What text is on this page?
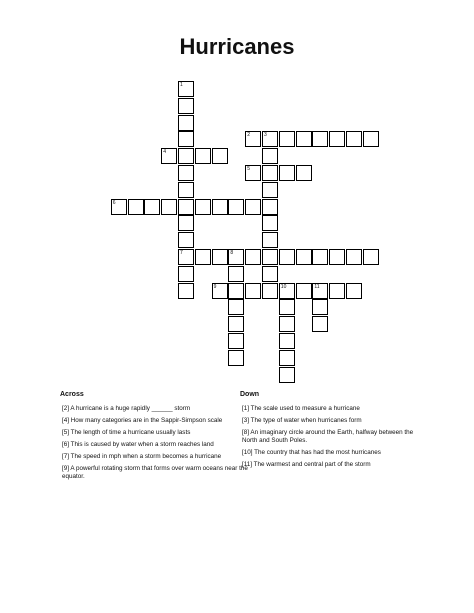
Hurricanes
1
7
2	3
4
5
6
8
9	10	11
Across
[2] A hurricane is a huge rapidly ______ storm
[4] How many categories are in the Sappir-Simpson scale
[5] The length of time a hurricane usually lasts
[6] This is caused by water when a storm reaches land
[7] The speed in mph when a storm becomes a hurricane
[9] A powerful rotating storm that forms over warm oceans near the equator.
Down
[1] The scale used to measure a hurricane
[3] The type of water when hurricanes form
[8] An imaginary circle around the Earth, halfway between the North and South Poles.
[10] The country that has had the most hurricanes
[11] The warmest and central part of the storm
